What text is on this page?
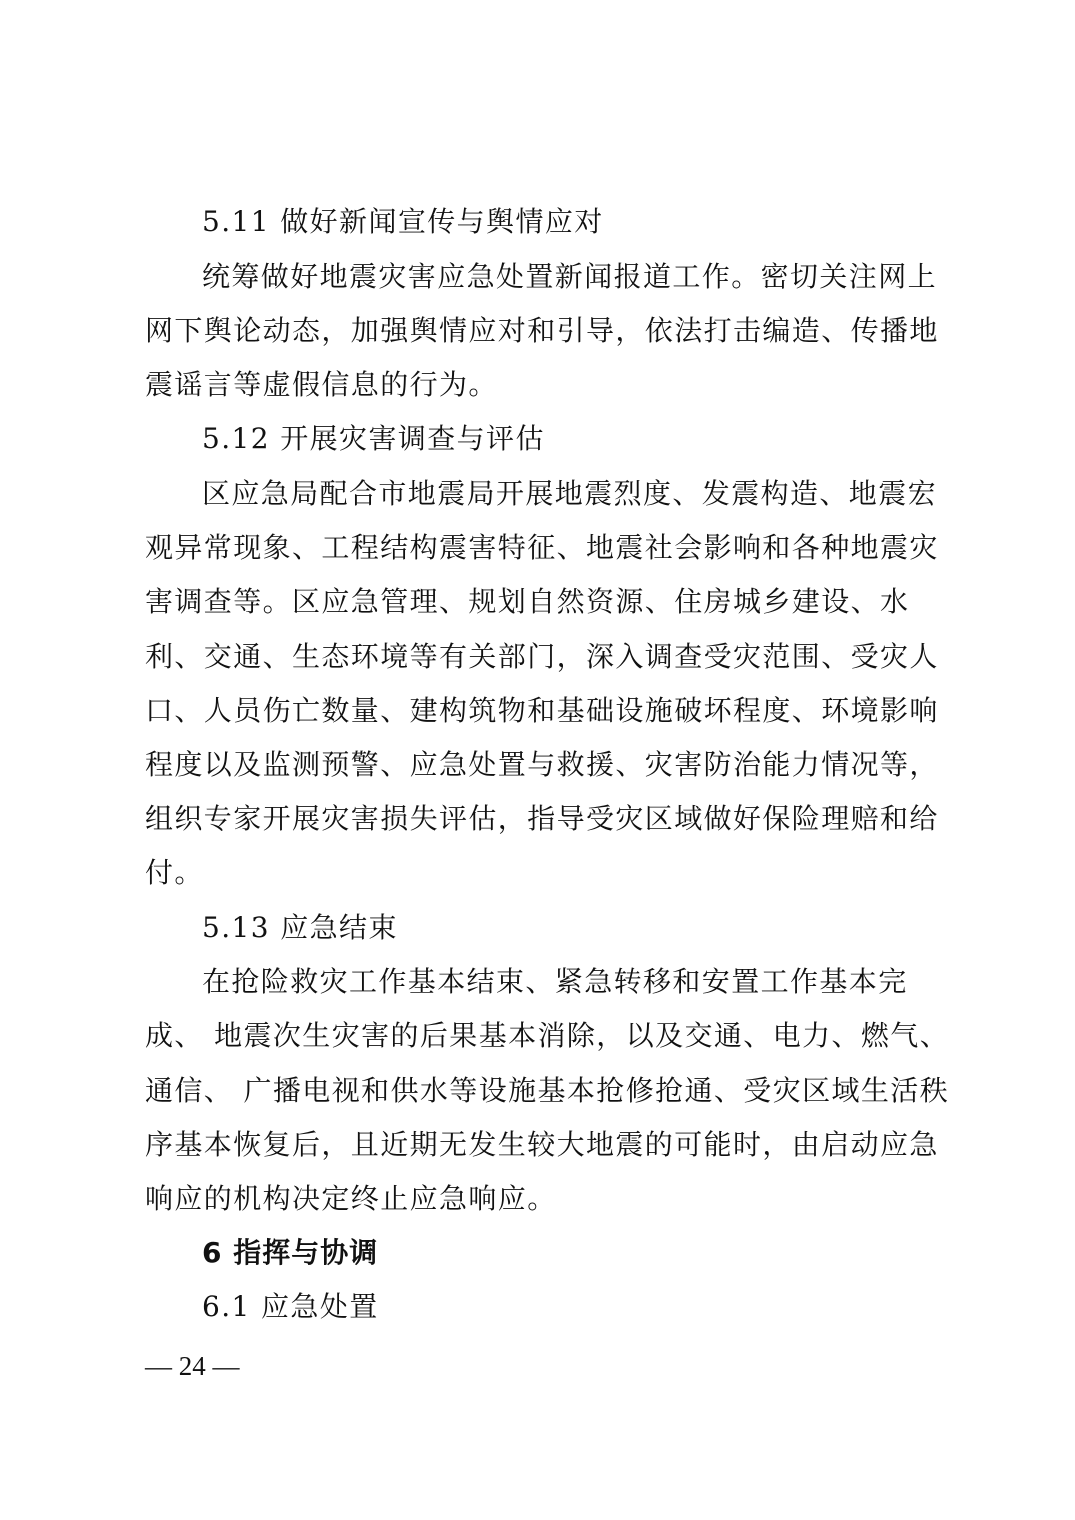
5.11 做好新闻宣传与舆情应对
统筹做好地震灾害应急处置新闻报道工作。密切关注网上
网下舆论动态，加强舆情应对和引导，依法打击编造、传播地
震谣言等虚假信息的行为。
5.12 开展灾害调查与评估
区应急局配合市地震局开展地震烈度、发震构造、地震宏
观异常现象、工程结构震害特征、地震社会影响和各种地震灾
害调查等。区应急管理、规划自然资源、住房城乡建设、水
利、交通、生态环境等有关部门，深入调查受灾范围、受灾人
口、人员伤亡数量、建构筑物和基础设施破坏程度、环境影响
程度以及监测预警、应急处置与救援、灾害防治能力情况等，
组织专家开展灾害损失评估，指导受灾区域做好保险理赔和给
付。
5.13 应急结束
在抢险救灾工作基本结束、紧急转移和安置工作基本完
成、 地震次生灾害的后果基本消除，以及交通、电力、燃气、
通信、 广播电视和供水等设施基本抢修抢通、受灾区域生活秩
序基本恢复后，且近期无发生较大地震的可能时，由启动应急
响应的机构决定终止应急响应。
6 指挥与协调
6.1 应急处置
— 24 —
